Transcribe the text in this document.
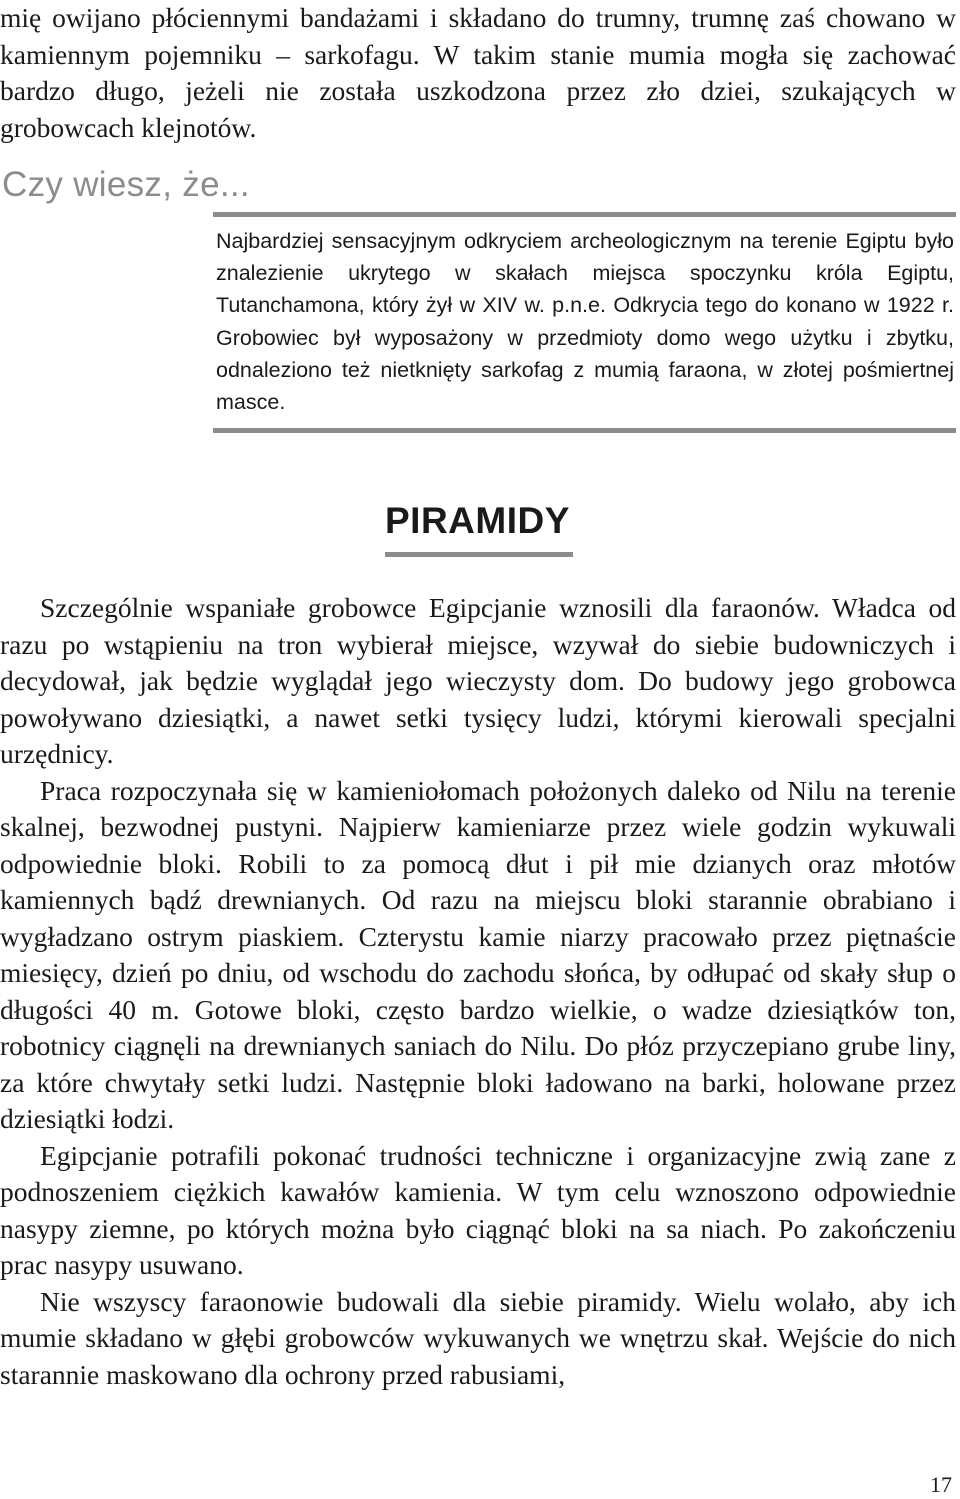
mię owijano płóciennymi bandażami i składano do trumny, trumnę zaś chowano w kamiennym pojemniku – sarkofagu. W takim stanie mumia mogła się zachować bardzo długo, jeżeli nie została uszkodzona przez zło dziei, szukających w grobowcach klejnotów.

Czy wiesz, że...
Najbardziej sensacyjnym odkryciem archeologicznym na terenie Egiptu było znalezienie ukrytego w skałach miejsca spoczynku króla Egiptu, Tutanchamona, który żył w XIV w. p.n.e. Odkrycia tego do konano w 1922 r. Grobowiec był wyposażony w przedmioty domo wego użytku i zbytku, odnaleziono też nietknięty sarkofag z mumią faraona, w złotej pośmiertnej masce.
PIRAMIDY

Szczególnie wspaniałe grobowce Egipcjanie wznosili dla faraonów. Władca od razu po wstąpieniu na tron wybierał miejsce, wzywał do siebie budowniczych i decydował, jak będzie wyglądał jego wieczysty dom. Do budowy jego grobowca powoływano dziesiątki, a nawet setki tysięcy ludzi, którymi kierowali specjalni urzędnicy.

Praca rozpoczynała się w kamieniołomach położonych daleko od Nilu na terenie skalnej, bezwodnej pustyni. Najpierw kamieniarze przez wiele godzin wykuwali odpowiednie bloki. Robili to za pomocą dłut i pił mie dzianych oraz młotów kamiennych bądź drewnianych. Od razu na miejscu bloki starannie obrabiano i wygładzano ostrym piaskiem. Czterystu kamie niarzy pracowało przez piętnaście miesięcy, dzień po dniu, od wschodu do zachodu słońca, by odłupać od skały słup o długości 40 m. Gotowe bloki, często bardzo wielkie, o wadze dziesiątków ton, robotnicy ciągnęli na drewnianych saniach do Nilu. Do płóz przyczepiano grube liny, za które chwytały setki ludzi. Następnie bloki ładowano na barki, holowane przez dziesiątki łodzi.

Egipcjanie potrafili pokonać trudności techniczne i organizacyjne zwią zane z podnoszeniem ciężkich kawałów kamienia. W tym celu wznoszono odpowiednie nasypy ziemne, po których można było ciągnąć bloki na sa niach. Po zakończeniu prac nasypy usuwano.

Nie wszyscy faraonowie budowali dla siebie piramidy. Wielu wolało, aby ich mumie składano w głębi grobowców wykuwanych we wnętrzu skał. Wejście do nich starannie maskowano dla ochrony przed rabusiami,

17
